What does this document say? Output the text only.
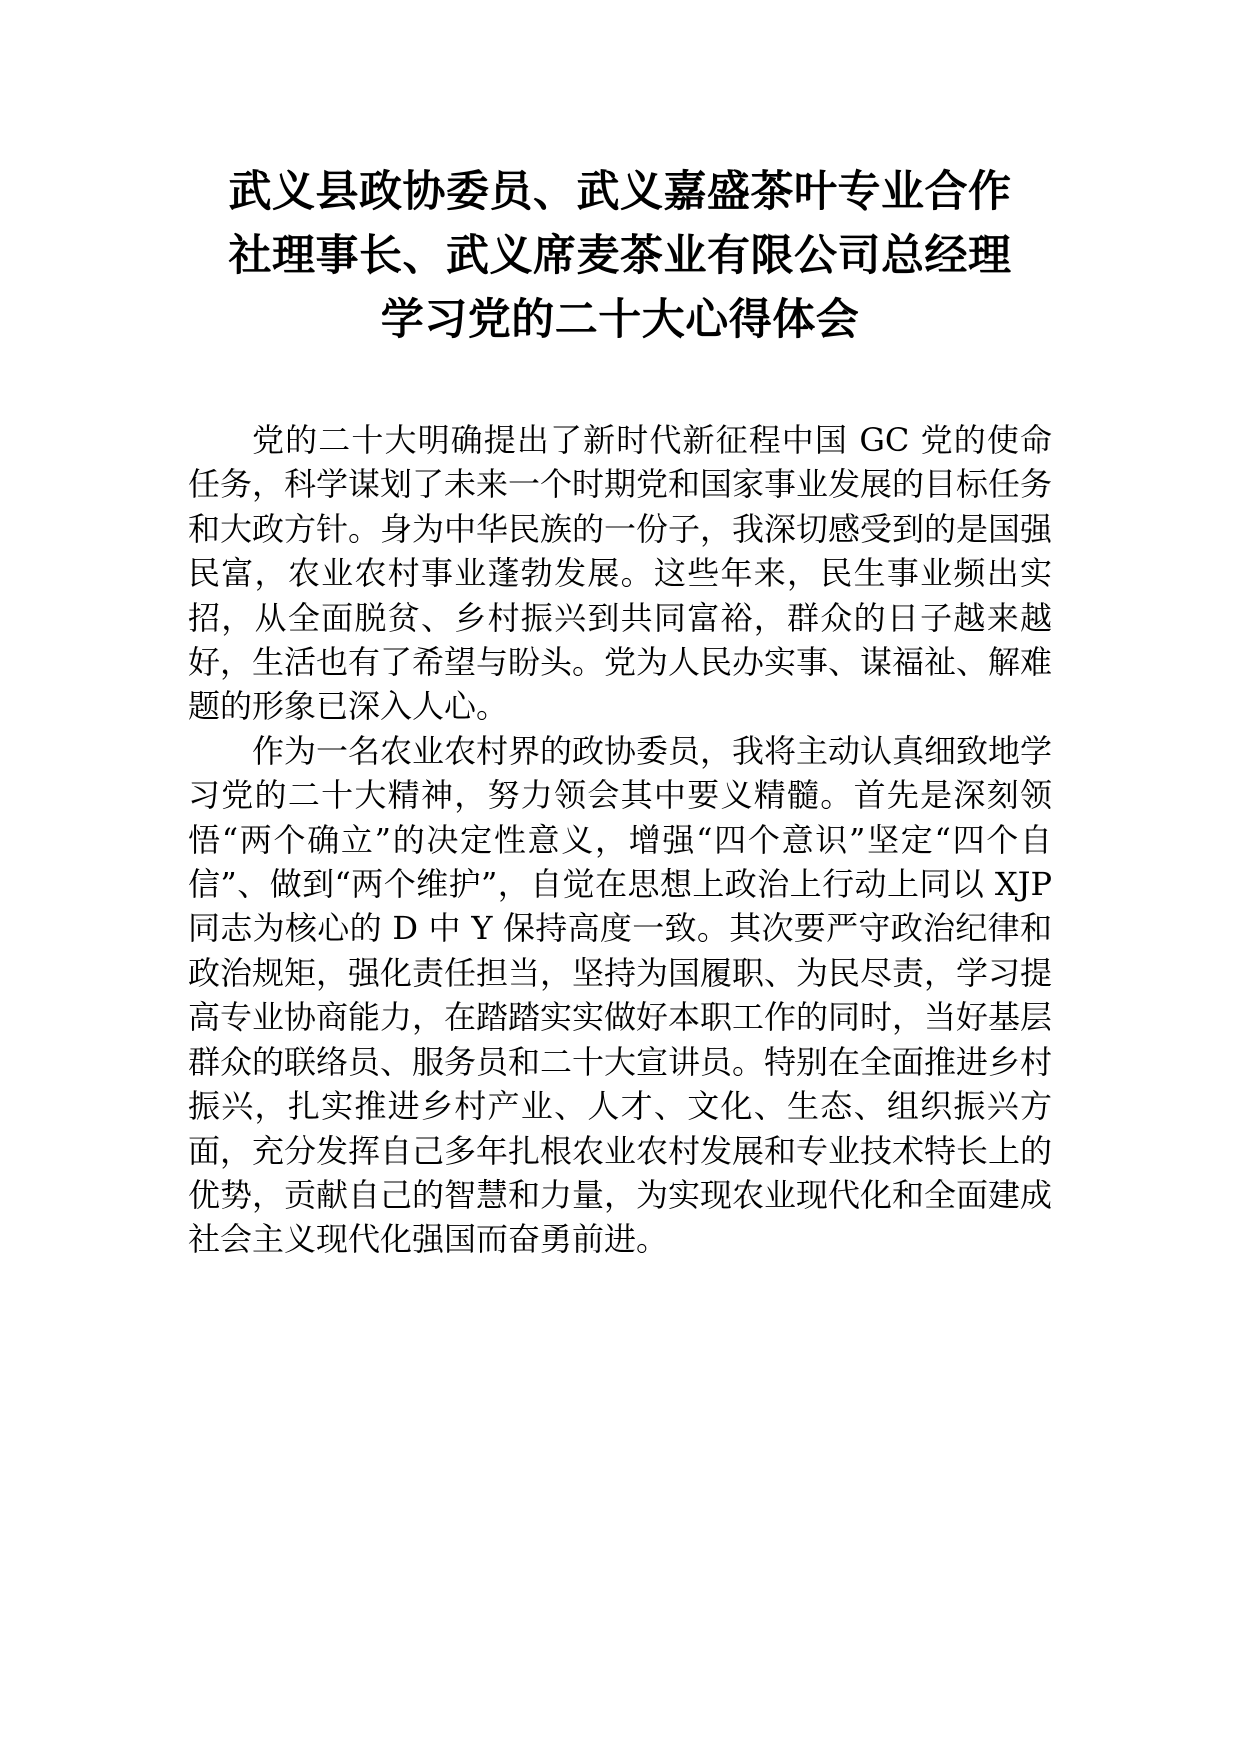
武义县政协委员、武义嘉盛茶叶专业合作
社理事长、武义席麦茶业有限公司总经理
学习党的二十大心得体会

党的二十大明确提出了新时代新征程中国 GC 党的使命任务，科学谋划了未来一个时期党和国家事业发展的目标任务和大政方针。身为中华民族的一份子，我深切感受到的是国强民富，农业农村事业蓬勃发展。这些年来，民生事业频出实招，从全面脱贫、乡村振兴到共同富裕，群众的日子越来越好，生活也有了希望与盼头。党为人民办实事、谋福祉、解难题的形象已深入人心。

作为一名农业农村界的政协委员，我将主动认真细致地学习党的二十大精神，努力领会其中要义精髓。首先是深刻领悟“两个确立”的决定性意义，增强“四个意识”坚定“四个自信”、做到“两个维护”，自觉在思想上政治上行动上同以 XJP 同志为核心的 D 中 Y 保持高度一致。其次要严守政治纪律和政治规矩，强化责任担当，坚持为国履职、为民尽责，学习提高专业协商能力，在踏踏实实做好本职工作的同时，当好基层群众的联络员、服务员和二十大宣讲员。特别在全面推进乡村振兴，扎实推进乡村产业、人才、文化、生态、组织振兴方面，充分发挥自己多年扎根农业农村发展和专业技术特长上的优势，贡献自己的智慧和力量，为实现农业现代化和全面建成社会主义现代化强国而奋勇前进。
